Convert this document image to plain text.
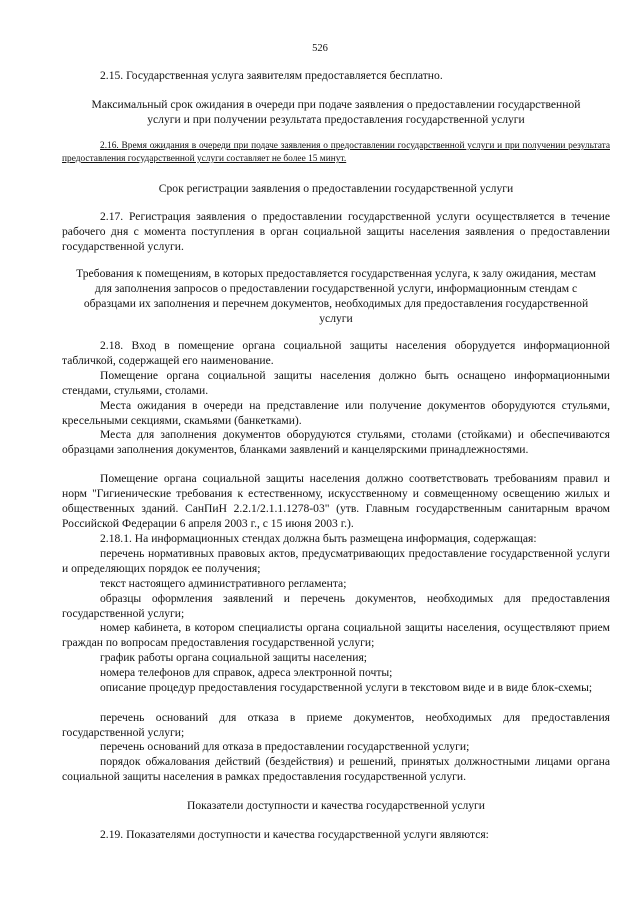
526

2.15. Государственная услуга заявителям предоставляется бесплатно.

Максимальный срок ожидания в очереди при подаче заявления о предоставлении государственной услуги и при получении результата предоставления государственной услуги

2.16. Время ожидания в очереди при подаче заявления о предоставлении государственной услуги и при получении результата предоставления государственной услуги составляет не более 15 минут.

Срок регистрации заявления о предоставлении государственной услуги

2.17. Регистрация заявления о предоставлении государственной услуги осуществляется в течение рабочего дня с момента поступления в орган социальной защиты населения заявления о предоставлении государственной услуги.

Требования к помещениям, в которых предоставляется государственная услуга, к залу ожидания, местам для заполнения запросов о предоставлении государственной услуги, информационным стендам с образцами их заполнения и перечнем документов, необходимых для предоставления государственной услуги

2.18. Вход в помещение органа социальной защиты населения оборудуется информационной табличкой, содержащей его наименование.

Помещение органа социальной защиты населения должно быть оснащено информационными стендами, стульями, столами.

Места ожидания в очереди на представление или получение документов оборудуются стульями, кресельными секциями, скамьями (банкетками).

Места для заполнения документов оборудуются стульями, столами (стойками) и обеспечиваются образцами заполнения документов, бланками заявлений и канцелярскими принадлежностями.

Помещение органа социальной защиты населения должно соответствовать требованиям правил и норм "Гигиенические требования к естественному, искусственному и совмещенному освещению жилых и общественных зданий. СанПиН 2.2.1/2.1.1.1278-03" (утв. Главным государственным санитарным врачом Российской Федерации 6 апреля 2003 г., с 15 июня 2003 г.).

2.18.1. На информационных стендах должна быть размещена информация, содержащая:

перечень нормативных правовых актов, предусматривающих предоставление государственной услуги и определяющих порядок ее получения;

текст настоящего административного регламента;

образцы оформления заявлений и перечень документов, необходимых для предоставления государственной услуги;

номер кабинета, в котором специалисты органа социальной защиты населения, осуществляют прием граждан по вопросам предоставления государственной услуги;

график работы органа социальной защиты населения;

номера телефонов для справок, адреса электронной почты;

описание процедур предоставления государственной услуги в текстовом виде и в виде блок-схемы;

перечень оснований для отказа в приеме документов, необходимых для предоставления государственной услуги;

перечень оснований для отказа в предоставлении государственной услуги;

порядок обжалования действий (бездействия) и решений, принятых должностными лицами органа социальной защиты населения в рамках предоставления государственной услуги.

Показатели доступности и качества государственной услуги

2.19. Показателями доступности и качества государственной услуги являются:
